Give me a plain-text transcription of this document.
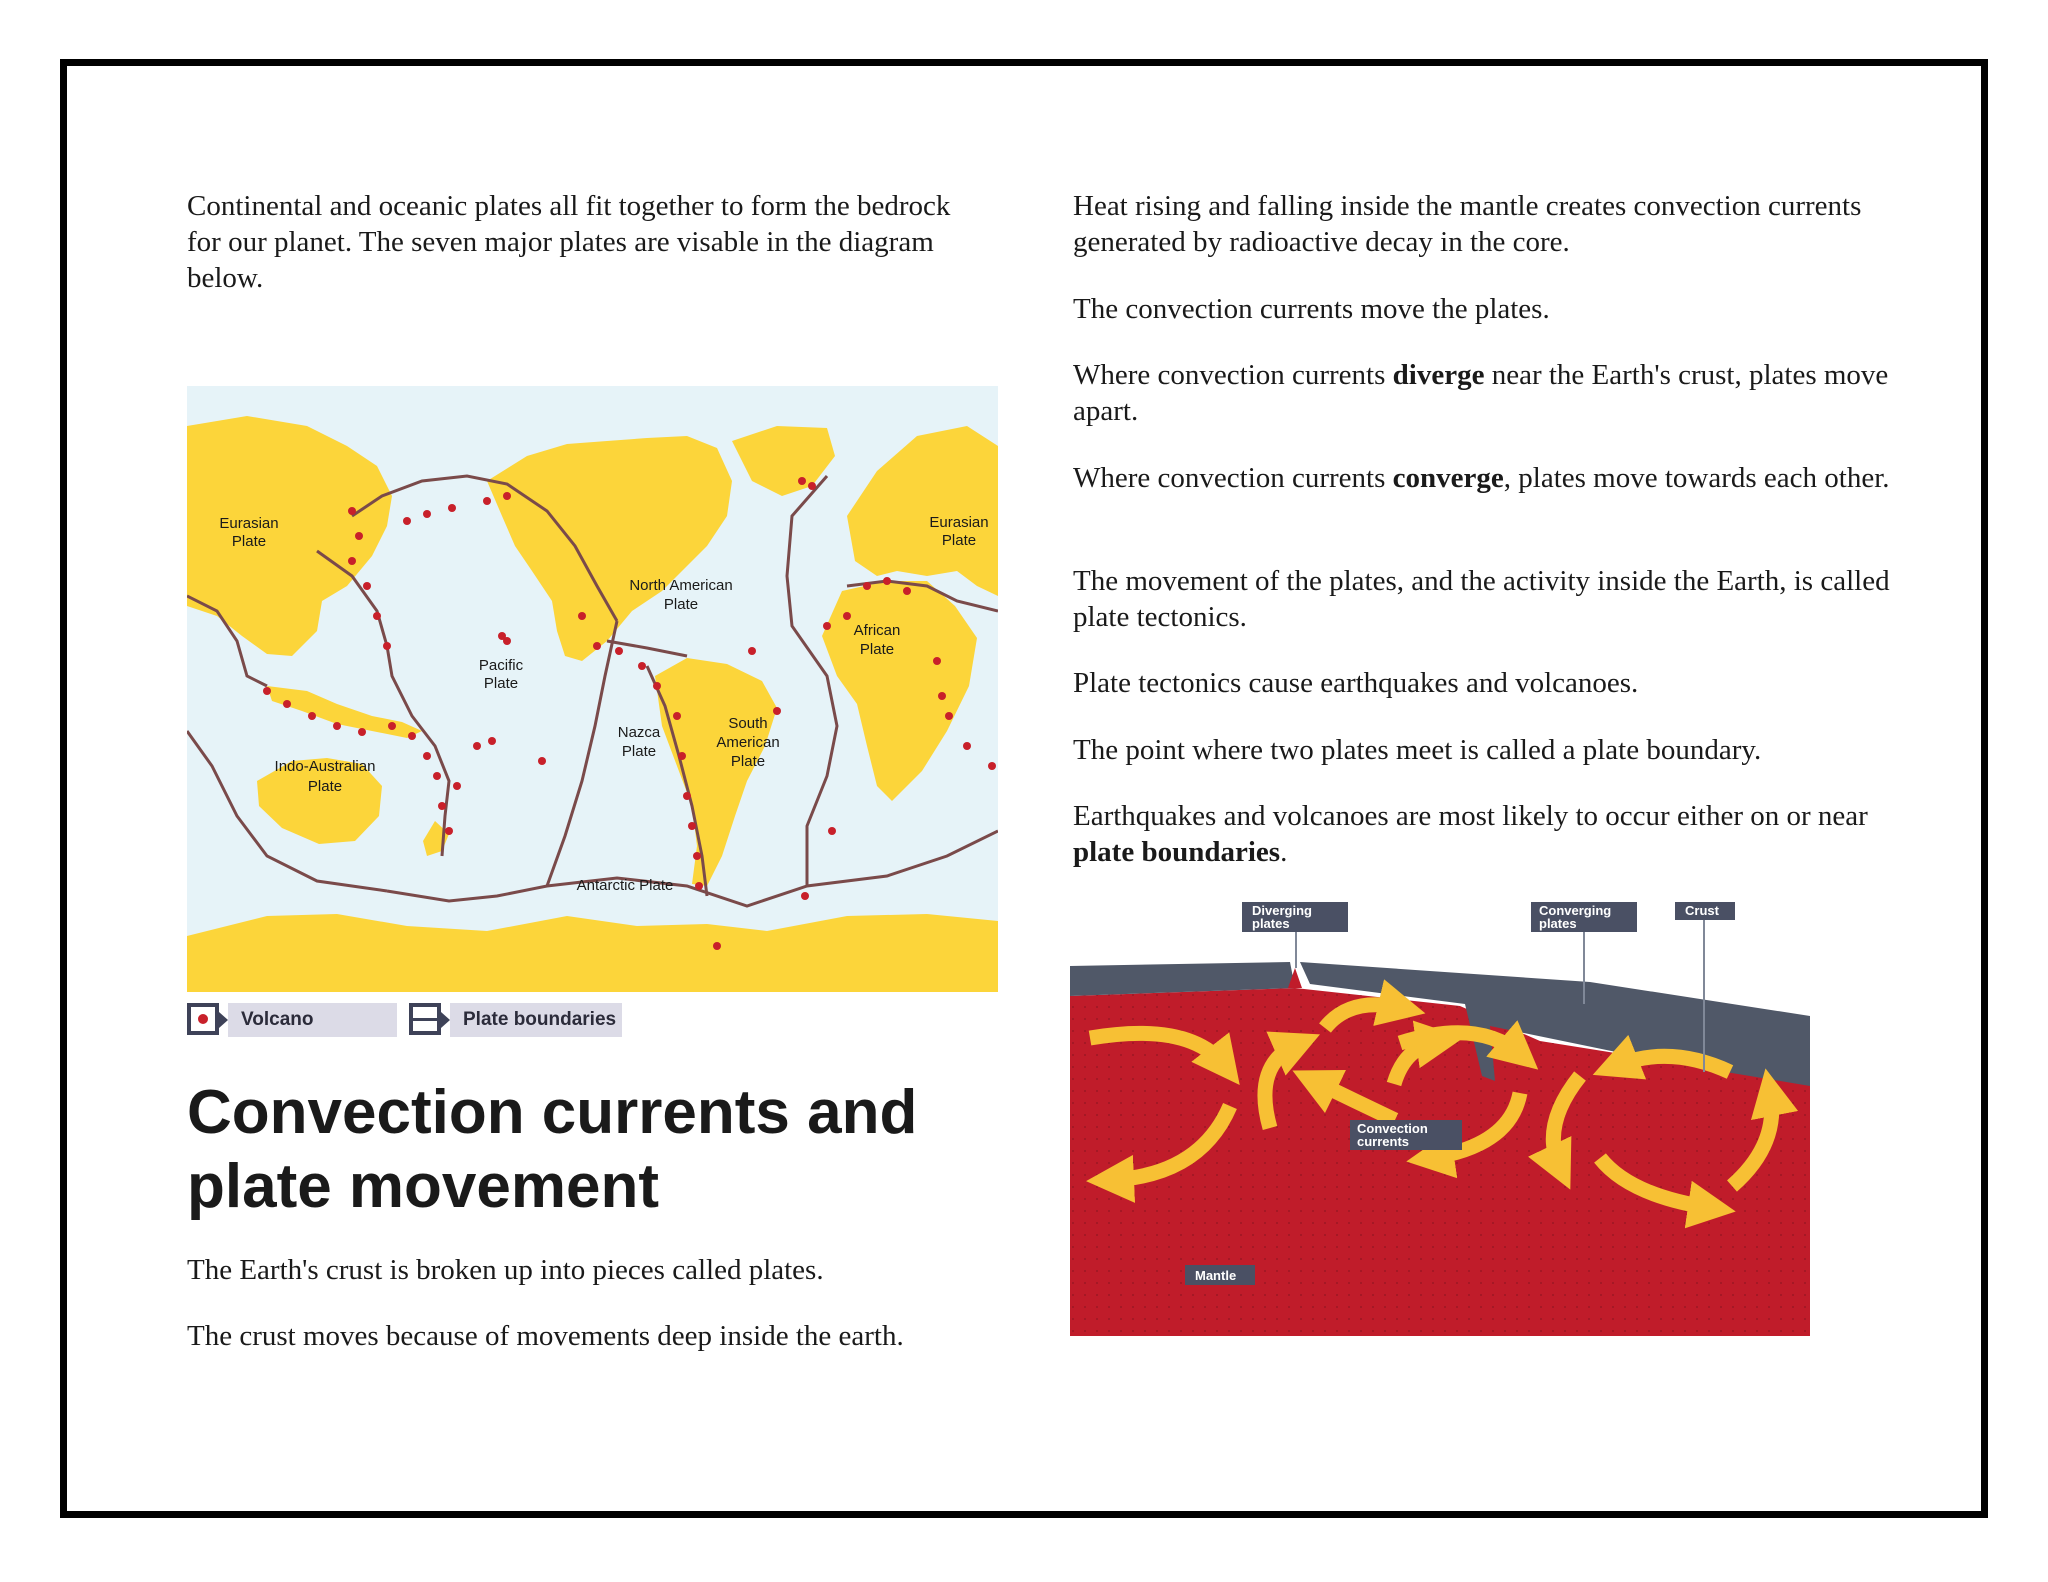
Continental and oceanic plates all fit together to form the bedrock for our planet. The seven major plates are visable in the diagram below.

Eurasian
Plate
Eurasian
Plate
North American
Plate
Pacific
Plate
African
Plate
Nazca
Plate
South
American
Plate
Indo-Australian
Plate
Antarctic Plate
Volcano	Plate boundaries
Convection currents and plate movement

The Earth's crust is broken up into pieces called plates.

The crust moves because of movements deep inside the earth.

Heat rising and falling inside the mantle creates convection currents generated by radioactive decay in the core.

The convection currents move the plates.

Where convection currents diverge near the Earth's crust, plates move apart.

Where convection currents converge, plates move towards each other.

The movement of the plates, and the activity inside the Earth, is called plate tectonics.

Plate tectonics cause earthquakes and volcanoes.

The point where two plates meet is called a plate boundary.

Earthquakes and volcanoes are most likely to occur either on or near plate boundaries.

Diverging
plates
Converging
plates
Crust
Convection
currents
Mantle
